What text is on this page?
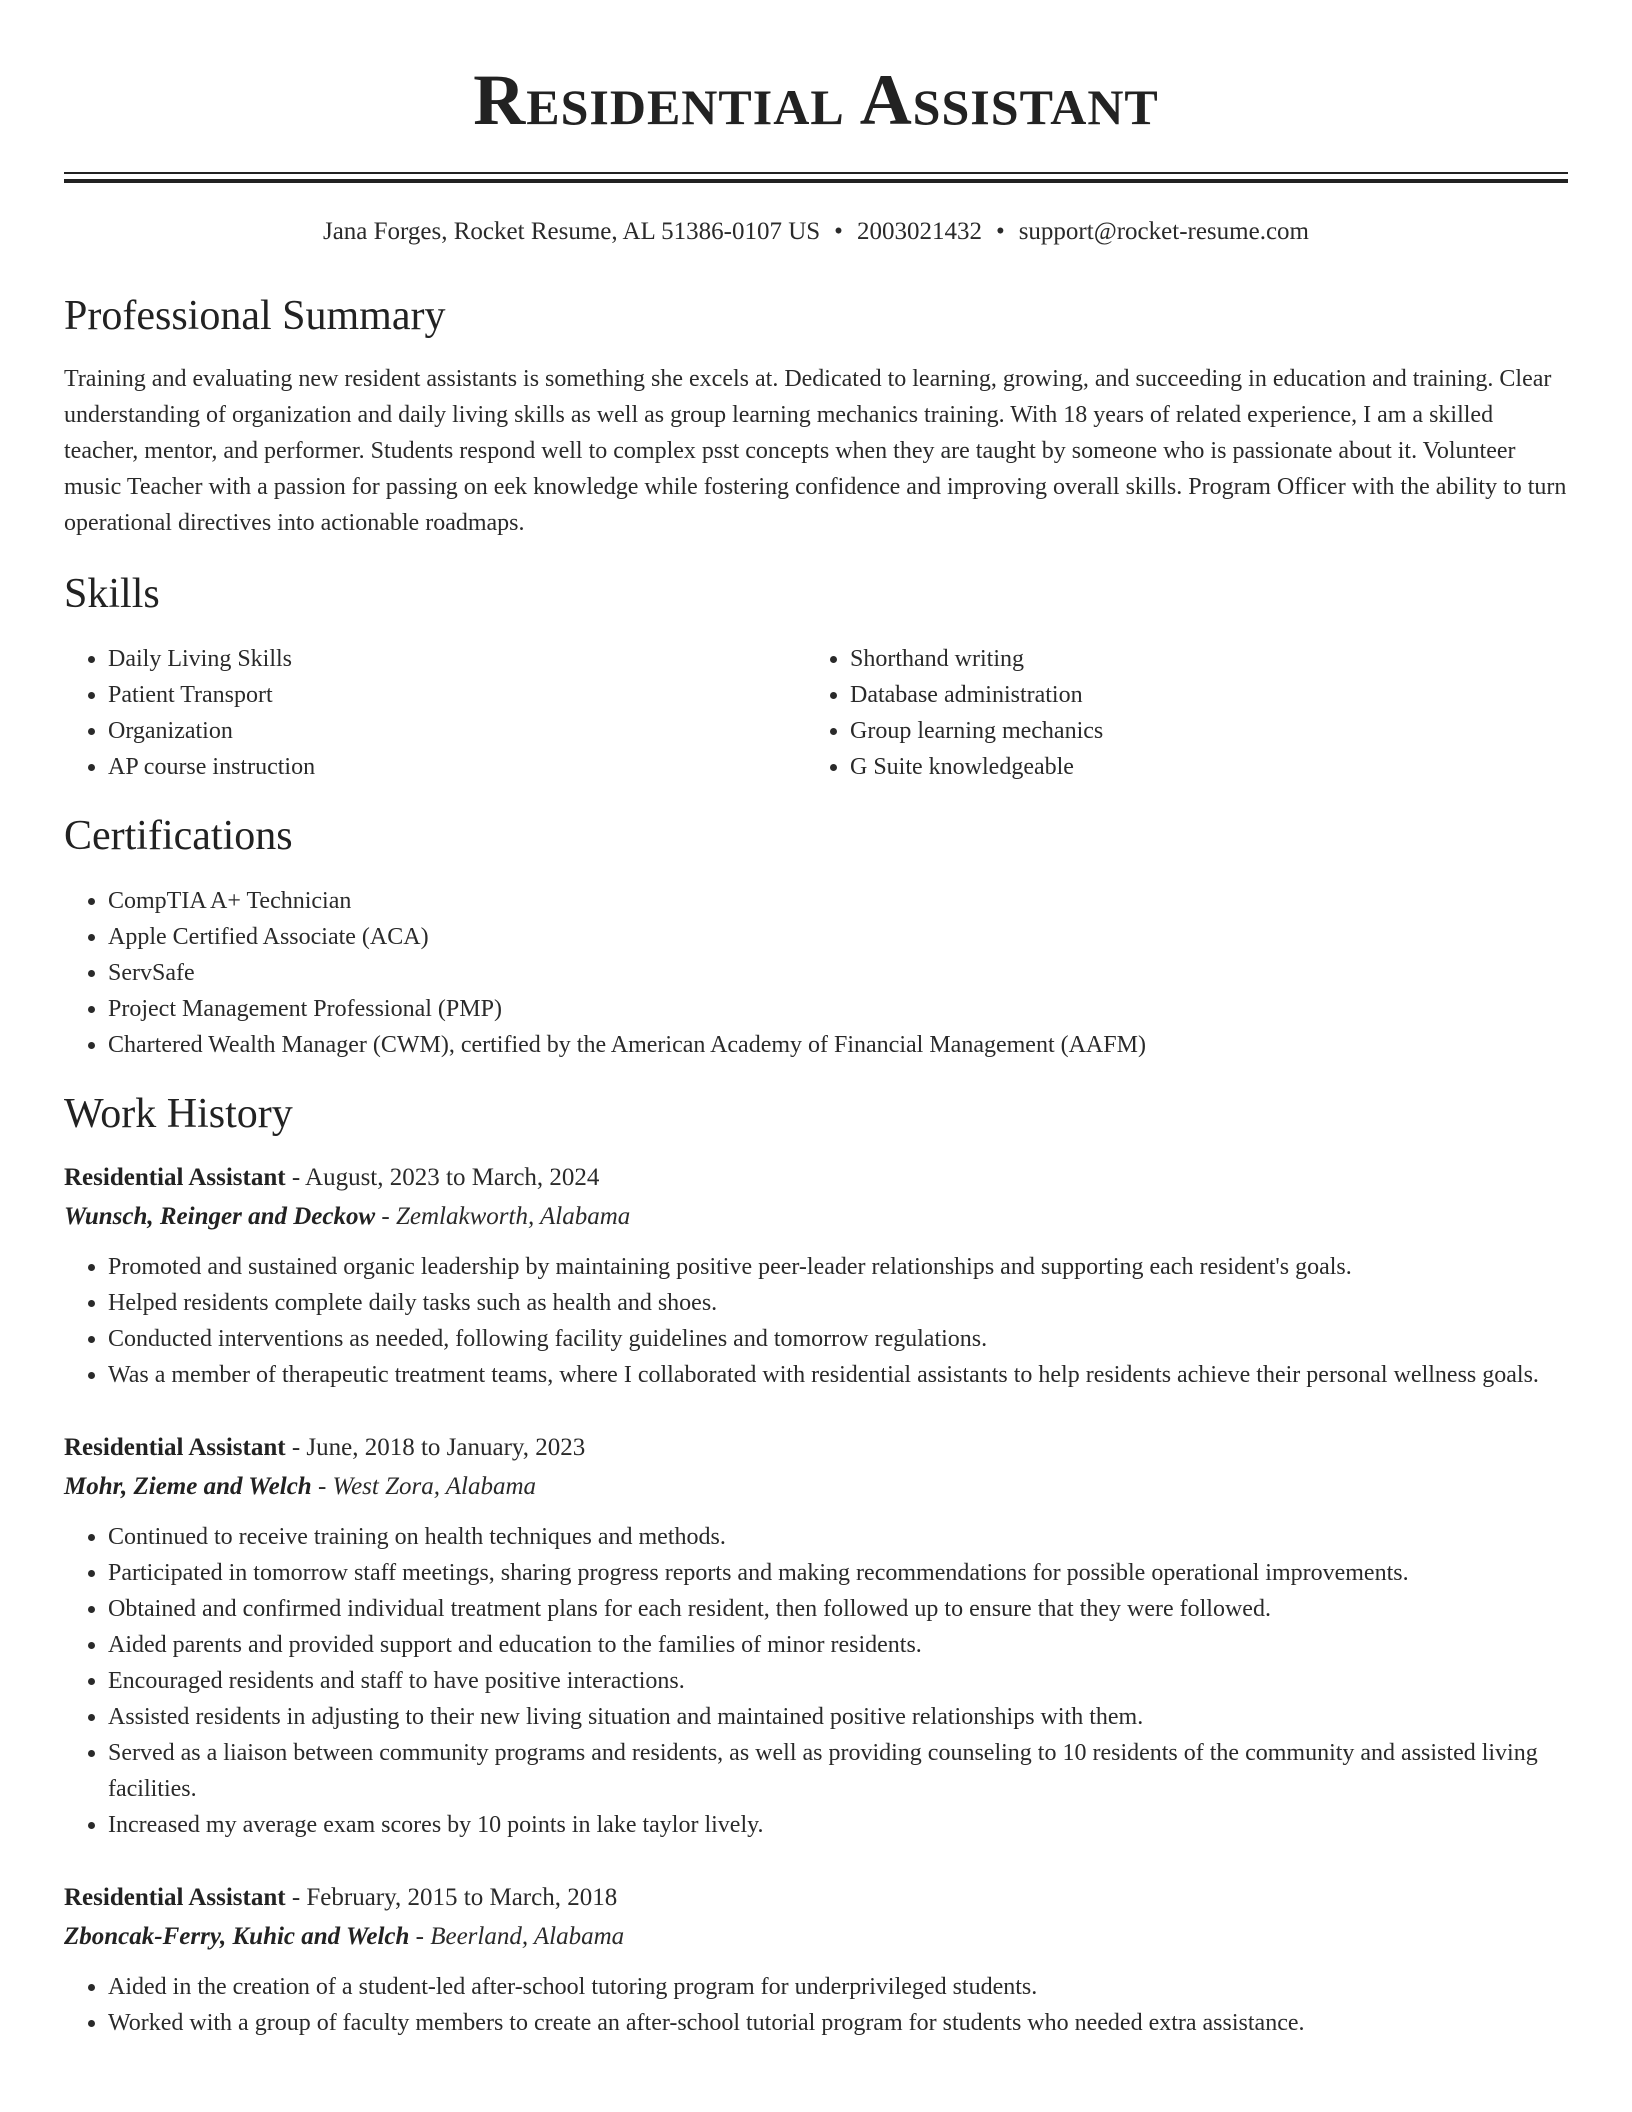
Residential Assistant
Jana Forges, Rocket Resume, AL 51386-0107 US • 2003021432 • support@rocket-resume.com
Professional Summary

Training and evaluating new resident assistants is something she excels at. Dedicated to learning, growing, and succeeding in education and training. Clear understanding of organization and daily living skills as well as group learning mechanics training. With 18 years of related experience, I am a skilled teacher, mentor, and performer. Students respond well to complex psst concepts when they are taught by someone who is passionate about it. Volunteer music Teacher with a passion for passing on eek knowledge while fostering confidence and improving overall skills. Program Officer with the ability to turn operational directives into actionable roadmaps.

Skills
• Daily Living Skills
• Patient Transport
• Organization
• AP course instruction
• Shorthand writing
• Database administration
• Group learning mechanics
• G Suite knowledgeable
Certifications
• CompTIA A+ Technician
• Apple Certified Associate (ACA)
• ServSafe
• Project Management Professional (PMP)
• Chartered Wealth Manager (CWM), certified by the American Academy of Financial Management (AAFM)
Work History
Residential Assistant - August, 2023 to March, 2024
Wunsch, Reinger and Deckow - Zemlakworth, Alabama
• Promoted and sustained organic leadership by maintaining positive peer-leader relationships and supporting each resident's goals.
• Helped residents complete daily tasks such as health and shoes.
• Conducted interventions as needed, following facility guidelines and tomorrow regulations.
• Was a member of therapeutic treatment teams, where I collaborated with residential assistants to help residents achieve their personal wellness goals.
Residential Assistant - June, 2018 to January, 2023
Mohr, Zieme and Welch - West Zora, Alabama
• Continued to receive training on health techniques and methods.
• Participated in tomorrow staff meetings, sharing progress reports and making recommendations for possible operational improvements.
• Obtained and confirmed individual treatment plans for each resident, then followed up to ensure that they were followed.
• Aided parents and provided support and education to the families of minor residents.
• Encouraged residents and staff to have positive interactions.
• Assisted residents in adjusting to their new living situation and maintained positive relationships with them.
• Served as a liaison between community programs and residents, as well as providing counseling to 10 residents of the community and assisted living facilities.
• Increased my average exam scores by 10 points in lake taylor lively.
Residential Assistant - February, 2015 to March, 2018
Zboncak-Ferry, Kuhic and Welch - Beerland, Alabama
• Aided in the creation of a student-led after-school tutoring program for underprivileged students.
• Worked with a group of faculty members to create an after-school tutorial program for students who needed extra assistance.
